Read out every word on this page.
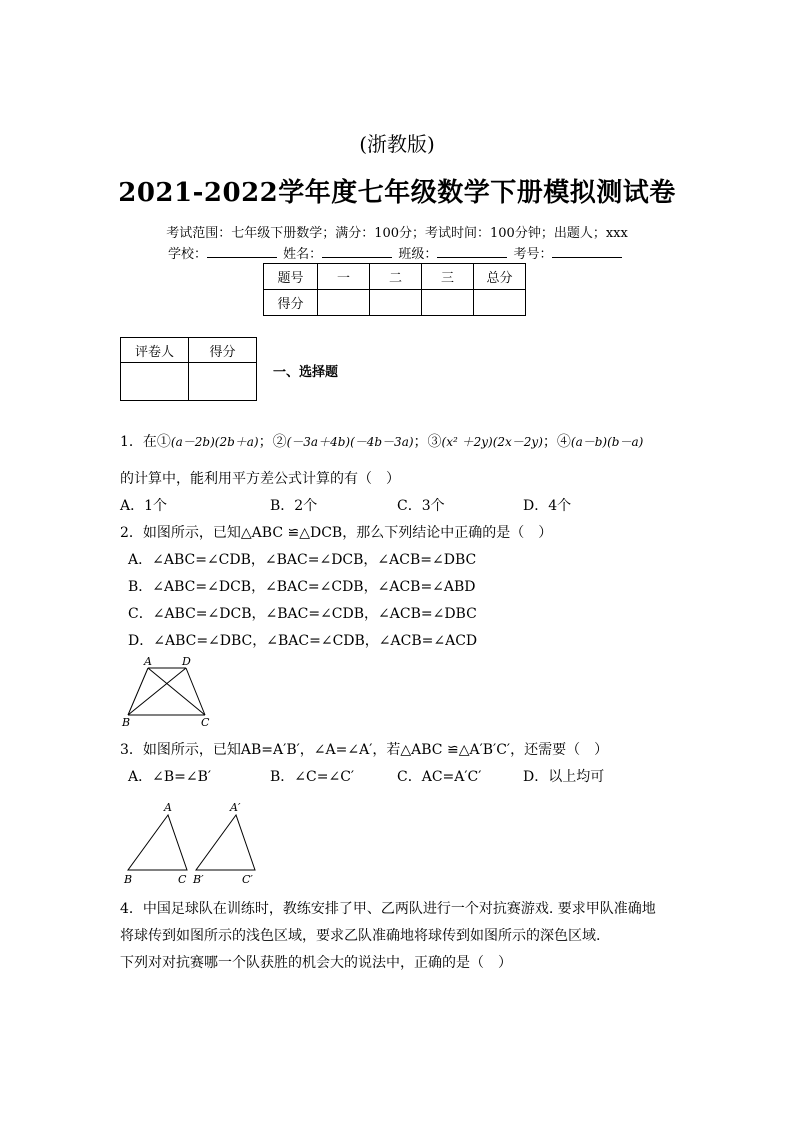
(浙教版)
2021-2022学年度七年级数学下册模拟测试卷
考试范围：七年级下册数学；满分：100分；考试时间：100分钟；出题人；xxx
学校：	姓名：	班级：	考号：
题号	一	二	三	总分
得分				
评卷人	得分

一、选择题
1．在①(a－2b)(2b＋a)；②(－3a＋4b)(－4b－3a)；③(x² ＋2y)(2x－2y)；④(a－b)(b－a)
的计算中，能利用平方差公式计算的有（　）
A．1个	B．2个	C．3个	D．4个
2．如图所示，已知△ABC ≌△DCB，那么下列结论中正确的是（　）
A．∠ABC=∠CDB，∠BAC=∠DCB，∠ACB=∠DBC
B．∠ABC=∠DCB，∠BAC=∠CDB，∠ACB=∠ABD
C．∠ABC=∠DCB，∠BAC=∠CDB，∠ACB=∠DBC
D．∠ABC=∠DBC，∠BAC=∠CDB，∠ACB=∠ACD
A	D
B	C
3．如图所示，已知AB=A′B′，∠A=∠A′，若△ABC ≌△A′B′C′，还需要（　）
A．∠B=∠B′	B．∠C=∠C′	C．AC=A′C′	D．以上均可
A
B	C
A′
B′	C′
4．中国足球队在训练时，教练安排了甲、乙两队进行一个对抗赛游戏. 要求甲队准确地
将球传到如图所示的浅色区域，要求乙队准确地将球传到如图所示的深色区域.
下列对对抗赛哪一个队获胜的机会大的说法中，正确的是（　）
